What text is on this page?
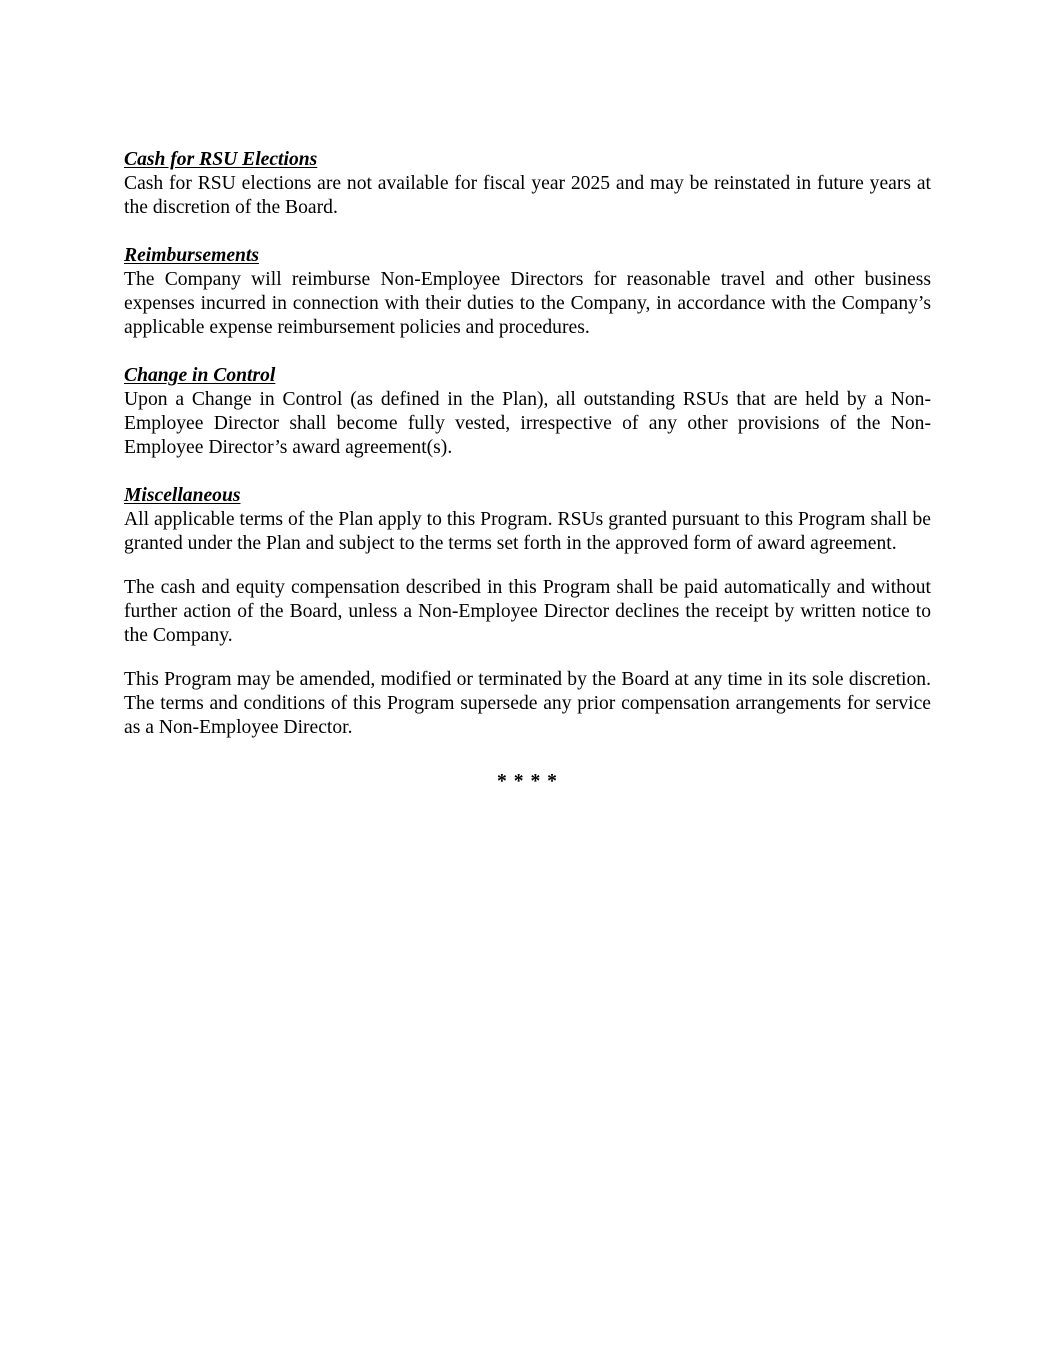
Cash for RSU Elections

Cash for RSU elections are not available for fiscal year 2025 and may be reinstated in future years at the discretion of the Board.

Reimbursements

The Company will reimburse Non-Employee Directors for reasonable travel and other business expenses incurred in connection with their duties to the Company, in accordance with the Company’s applicable expense reimbursement policies and procedures.

Change in Control

Upon a Change in Control (as defined in the Plan), all outstanding RSUs that are held by a Non-Employee Director shall become fully vested, irrespective of any other provisions of the Non-Employee Director’s award agreement(s).

Miscellaneous

All applicable terms of the Plan apply to this Program. RSUs granted pursuant to this Program shall be granted under the Plan and subject to the terms set forth in the approved form of award agreement.

The cash and equity compensation described in this Program shall be paid automatically and without further action of the Board, unless a Non-Employee Director declines the receipt by written notice to the Company.

This Program may be amended, modified or terminated by the Board at any time in its sole discretion. The terms and conditions of this Program supersede any prior compensation arrangements for service as a Non-Employee Director.

* * * *
